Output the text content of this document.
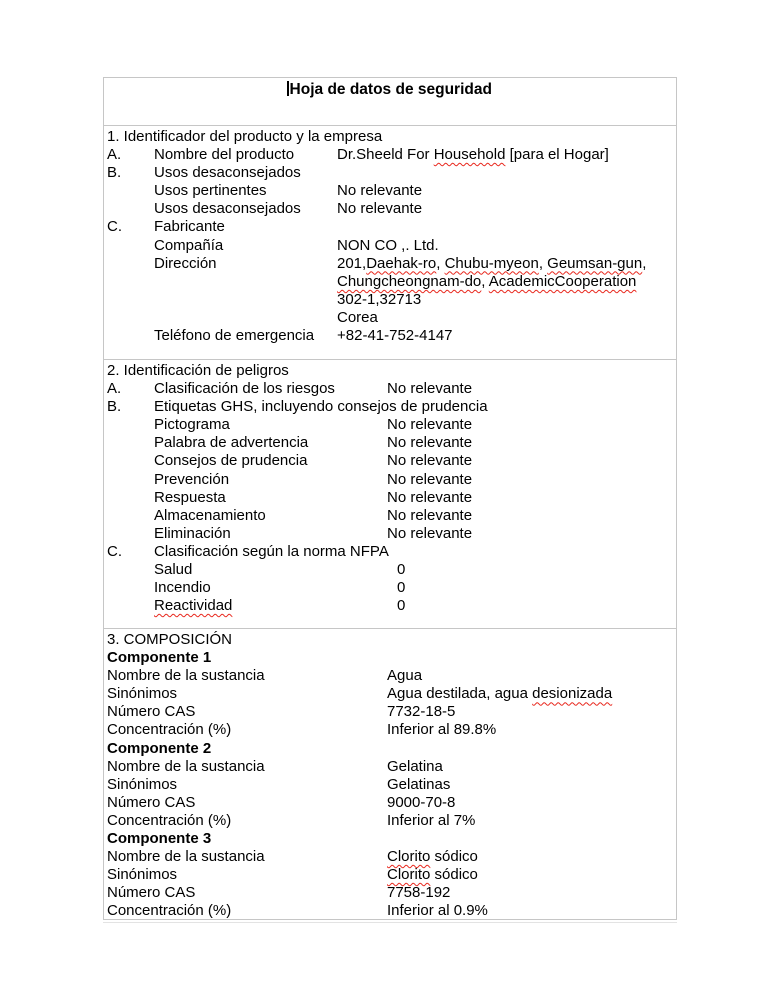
Hoja de datos de seguridad
1. Identificador del producto y la empresa
A. Nombre del producto	Dr.Sheeld For Household [para el Hogar]
B. Usos desaconsejados
Usos pertinentes	No relevante
Usos desaconsejados No relevante
C. Fabricante
Compañía	NON CO ,. Ltd.
Dirección	201,Daehak-ro, Chubu-myeon, Geumsan-gun,
Chungcheongnam-do, AcademicCooperation
302-1,32713
Corea
Teléfono de emergencia +82-41-752-4147
2. Identificación de peligros
A. Clasificación de los riesgos	No relevante
B. Etiquetas GHS, incluyendo consejos de prudencia
Pictograma	No relevante
Palabra de advertencia	No relevante
Consejos de prudencia	No relevante
Prevención	No relevante
Respuesta	No relevante
Almacenamiento	No relevante
Eliminación	No relevante
C. Clasificación según la norma NFPA
Salud	0
Incendio	0
Reactividad	0
3. COMPOSICIÓN
Componente 1
Nombre de la sustancia	Agua
Sinónimos	Agua destilada, agua desionizada
Número CAS	7732-18-5
Concentración (%)	Inferior al 89.8%
Componente 2
Nombre de la sustancia	Gelatina
Sinónimos	Gelatinas
Número CAS	9000-70-8
Concentración (%)	Inferior al 7%
Componente 3
Nombre de la sustancia	Clorito sódico
Sinónimos	Clorito sódico
Número CAS	7758-192
Concentración (%)	Inferior al 0.9%
